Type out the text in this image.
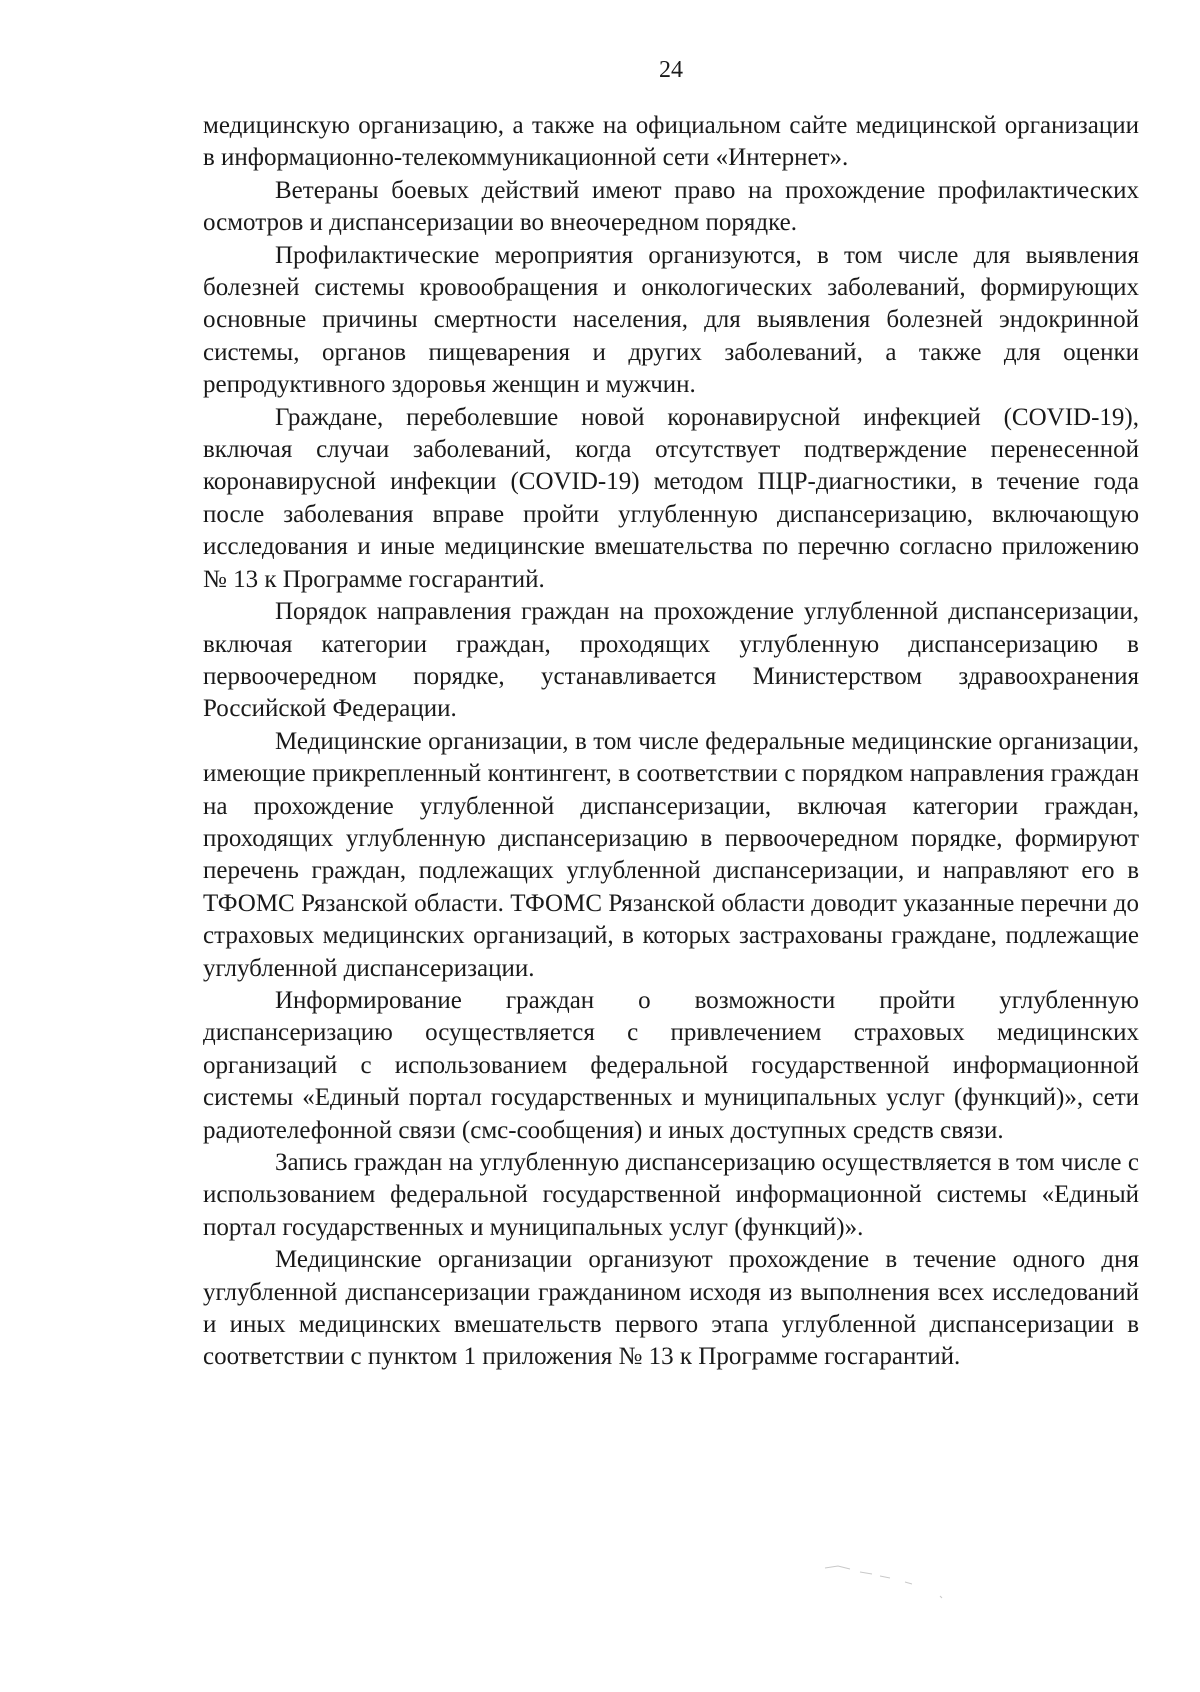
24

медицинскую организацию, а также на официальном сайте медицинской организации в информационно-телекоммуникационной сети «Интернет».

Ветераны боевых действий имеют право на прохождение профилактических осмотров и диспансеризации во внеочередном порядке.

Профилактические мероприятия организуются, в том числе для выявления болезней системы кровообращения и онкологических заболеваний, формирующих основные причины смертности населения, для выявления болезней эндокринной системы, органов пищеварения и других заболеваний, а также для оценки репродуктивного здоровья женщин и мужчин.

Граждане, переболевшие новой коронавирусной инфекцией (COVID-19), включая случаи заболеваний, когда отсутствует подтверждение перенесенной коронавирусной инфекции (COVID-19) методом ПЦР-диагностики, в течение года после заболевания вправе пройти углубленную диспансеризацию, включающую исследования и иные медицинские вмешательства по перечню согласно приложению № 13 к Программе госгарантий.

Порядок направления граждан на прохождение углубленной диспансеризации, включая категории граждан, проходящих углубленную диспансеризацию в первоочередном порядке, устанавливается Министерством здравоохранения Российской Федерации.

Медицинские организации, в том числе федеральные медицинские организации, имеющие прикрепленный контингент, в соответствии с порядком направления граждан на прохождение углубленной диспансеризации, включая категории граждан, проходящих углубленную диспансеризацию в первоочередном порядке, формируют перечень граждан, подлежащих углубленной диспансеризации, и направляют его в ТФОМС Рязанской области. ТФОМС Рязанской области доводит указанные перечни до страховых медицинских организаций, в которых застрахованы граждане, подлежащие углубленной диспансеризации.

Информирование граждан о возможности пройти углубленную диспансеризацию осуществляется с привлечением страховых медицинских организаций с использованием федеральной государственной информационной системы «Единый портал государственных и муниципальных услуг (функций)», сети радиотелефонной связи (смс-сообщения) и иных доступных средств связи.

Запись граждан на углубленную диспансеризацию осуществляется в том числе с использованием федеральной государственной информационной системы «Единый портал государственных и муниципальных услуг (функций)».

Медицинские организации организуют прохождение в течение одного дня углубленной диспансеризации гражданином исходя из выполнения всех исследований и иных медицинских вмешательств первого этапа углубленной диспансеризации в соответствии с пунктом 1 приложения № 13 к Программе госгарантий.
